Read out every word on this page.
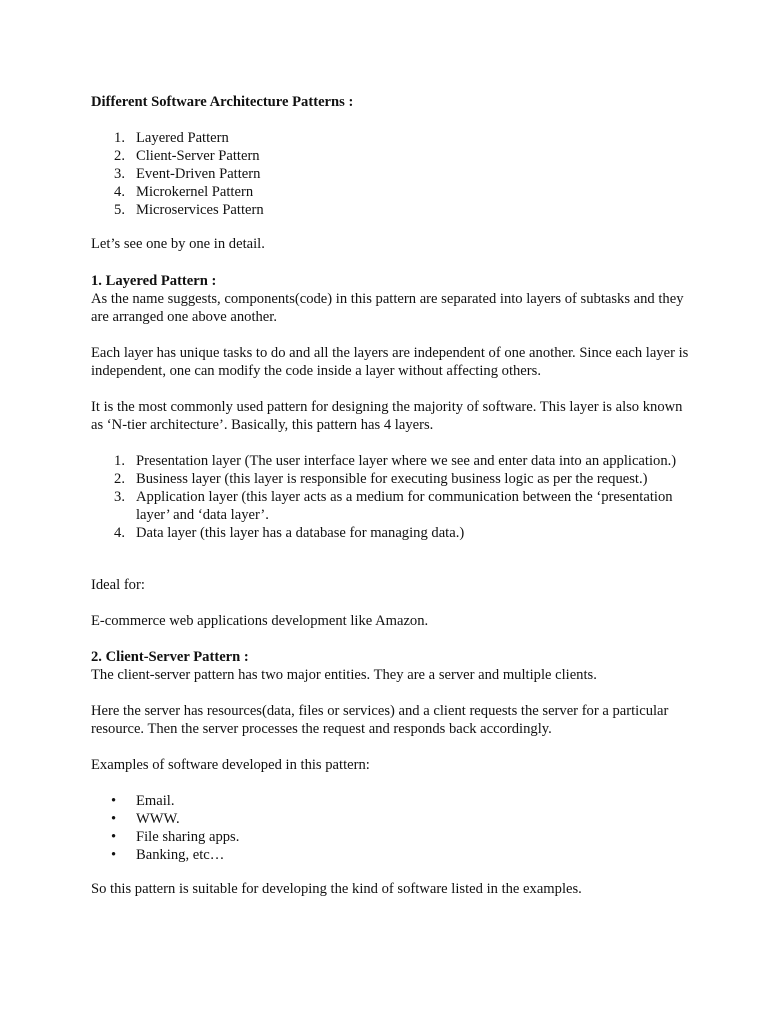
Different Software Architecture Patterns :
1. Layered Pattern
2. Client-Server Pattern
3. Event-Driven Pattern
4. Microkernel Pattern
5. Microservices Pattern

Let’s see one by one in detail.

1. Layered Pattern :

As the name suggests, components(code) in this pattern are separated into layers of subtasks and they are arranged one above another.

Each layer has unique tasks to do and all the layers are independent of one another. Since each layer is independent, one can modify the code inside a layer without affecting others.

It is the most commonly used pattern for designing the majority of software. This layer is also known as ‘N-tier architecture’. Basically, this pattern has 4 layers.

1. Presentation layer (The user interface layer where we see and enter data into an application.)
2. Business layer (this layer is responsible for executing business logic as per the request.)
3. Application layer (this layer acts as a medium for communication between the ‘presentation layer’ and ‘data layer’.
4. Data layer (this layer has a database for managing data.)

Ideal for:

E-commerce web applications development like Amazon.

2. Client-Server Pattern :

The client-server pattern has two major entities. They are a server and multiple clients.

Here the server has resources(data, files or services) and a client requests the server for a particular resource. Then the server processes the request and responds back accordingly.

Examples of software developed in this pattern:

• Email.
• WWW.
• File sharing apps.
• Banking, etc…

So this pattern is suitable for developing the kind of software listed in the examples.
